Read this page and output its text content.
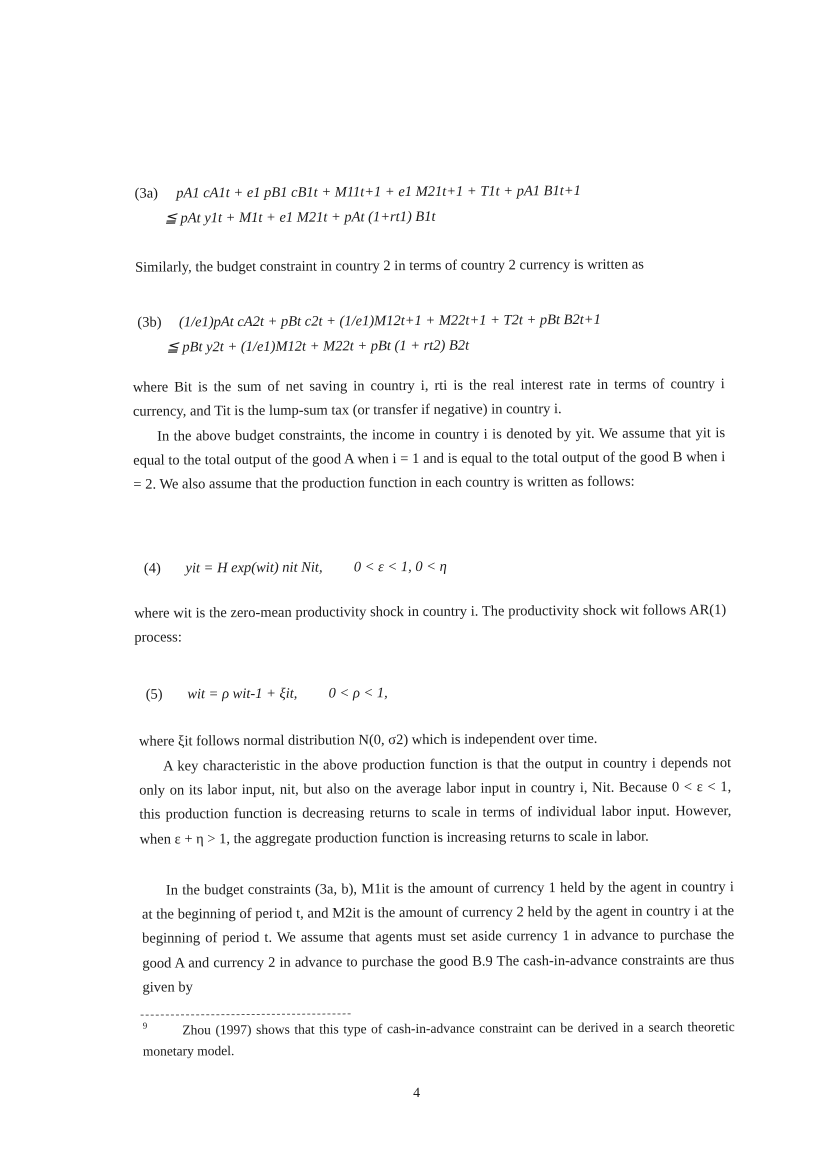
(3a) pA1 cA1t + e1 pB1 cB1t + M11t+1 + e1 M21t+1 + T1t + pA1 B1t+1
≦ pAt y1t + M1t + e1 M21t + pAt (1+rt1) B1t
Similarly, the budget constraint in country 2 in terms of country 2 currency is written as
(3b) (1/e1)pAt cA2t + pBt c2t + (1/e1)M12t+1 + M22t+1 + T2t + pBt B2t+1
≦ pBt y2t + (1/e1)M12t + M22t + pBt (1 + rt2) B2t
where Bit is the sum of net saving in country i, rti is the real interest rate in terms of country i currency, and Tit is the lump-sum tax (or transfer if negative) in country i.
In the above budget constraints, the income in country i is denoted by yit. We assume that yit is equal to the total output of the good A when i = 1 and is equal to the total output of the good B when i = 2. We also assume that the production function in each country is written as follows:
(4) yit = H exp(wit) nit Nit, 0 < ε < 1, 0 < η
where wit is the zero-mean productivity shock in country i. The productivity shock wit follows AR(1) process:
(5) wit = ρ wit-1 + ξit, 0 < ρ < 1,
where ξit follows normal distribution N(0, σ2) which is independent over time.
A key characteristic in the above production function is that the output in country i depends not only on its labor input, nit, but also on the average labor input in country i, Nit. Because 0 < ε < 1, this production function is decreasing returns to scale in terms of individual labor input. However, when ε + η > 1, the aggregate production function is increasing returns to scale in labor.
In the budget constraints (3a, b), M1it is the amount of currency 1 held by the agent in country i at the beginning of period t, and M2it is the amount of currency 2 held by the agent in country i at the beginning of period t. We assume that agents must set aside currency 1 in advance to purchase the good A and currency 2 in advance to purchase the good B.9 The cash-in-advance constraints are thus given by
$^9$	Zhou (1997) shows that this type of cash-in-advance constraint can be derived in a search theoretic monetary model.
4
